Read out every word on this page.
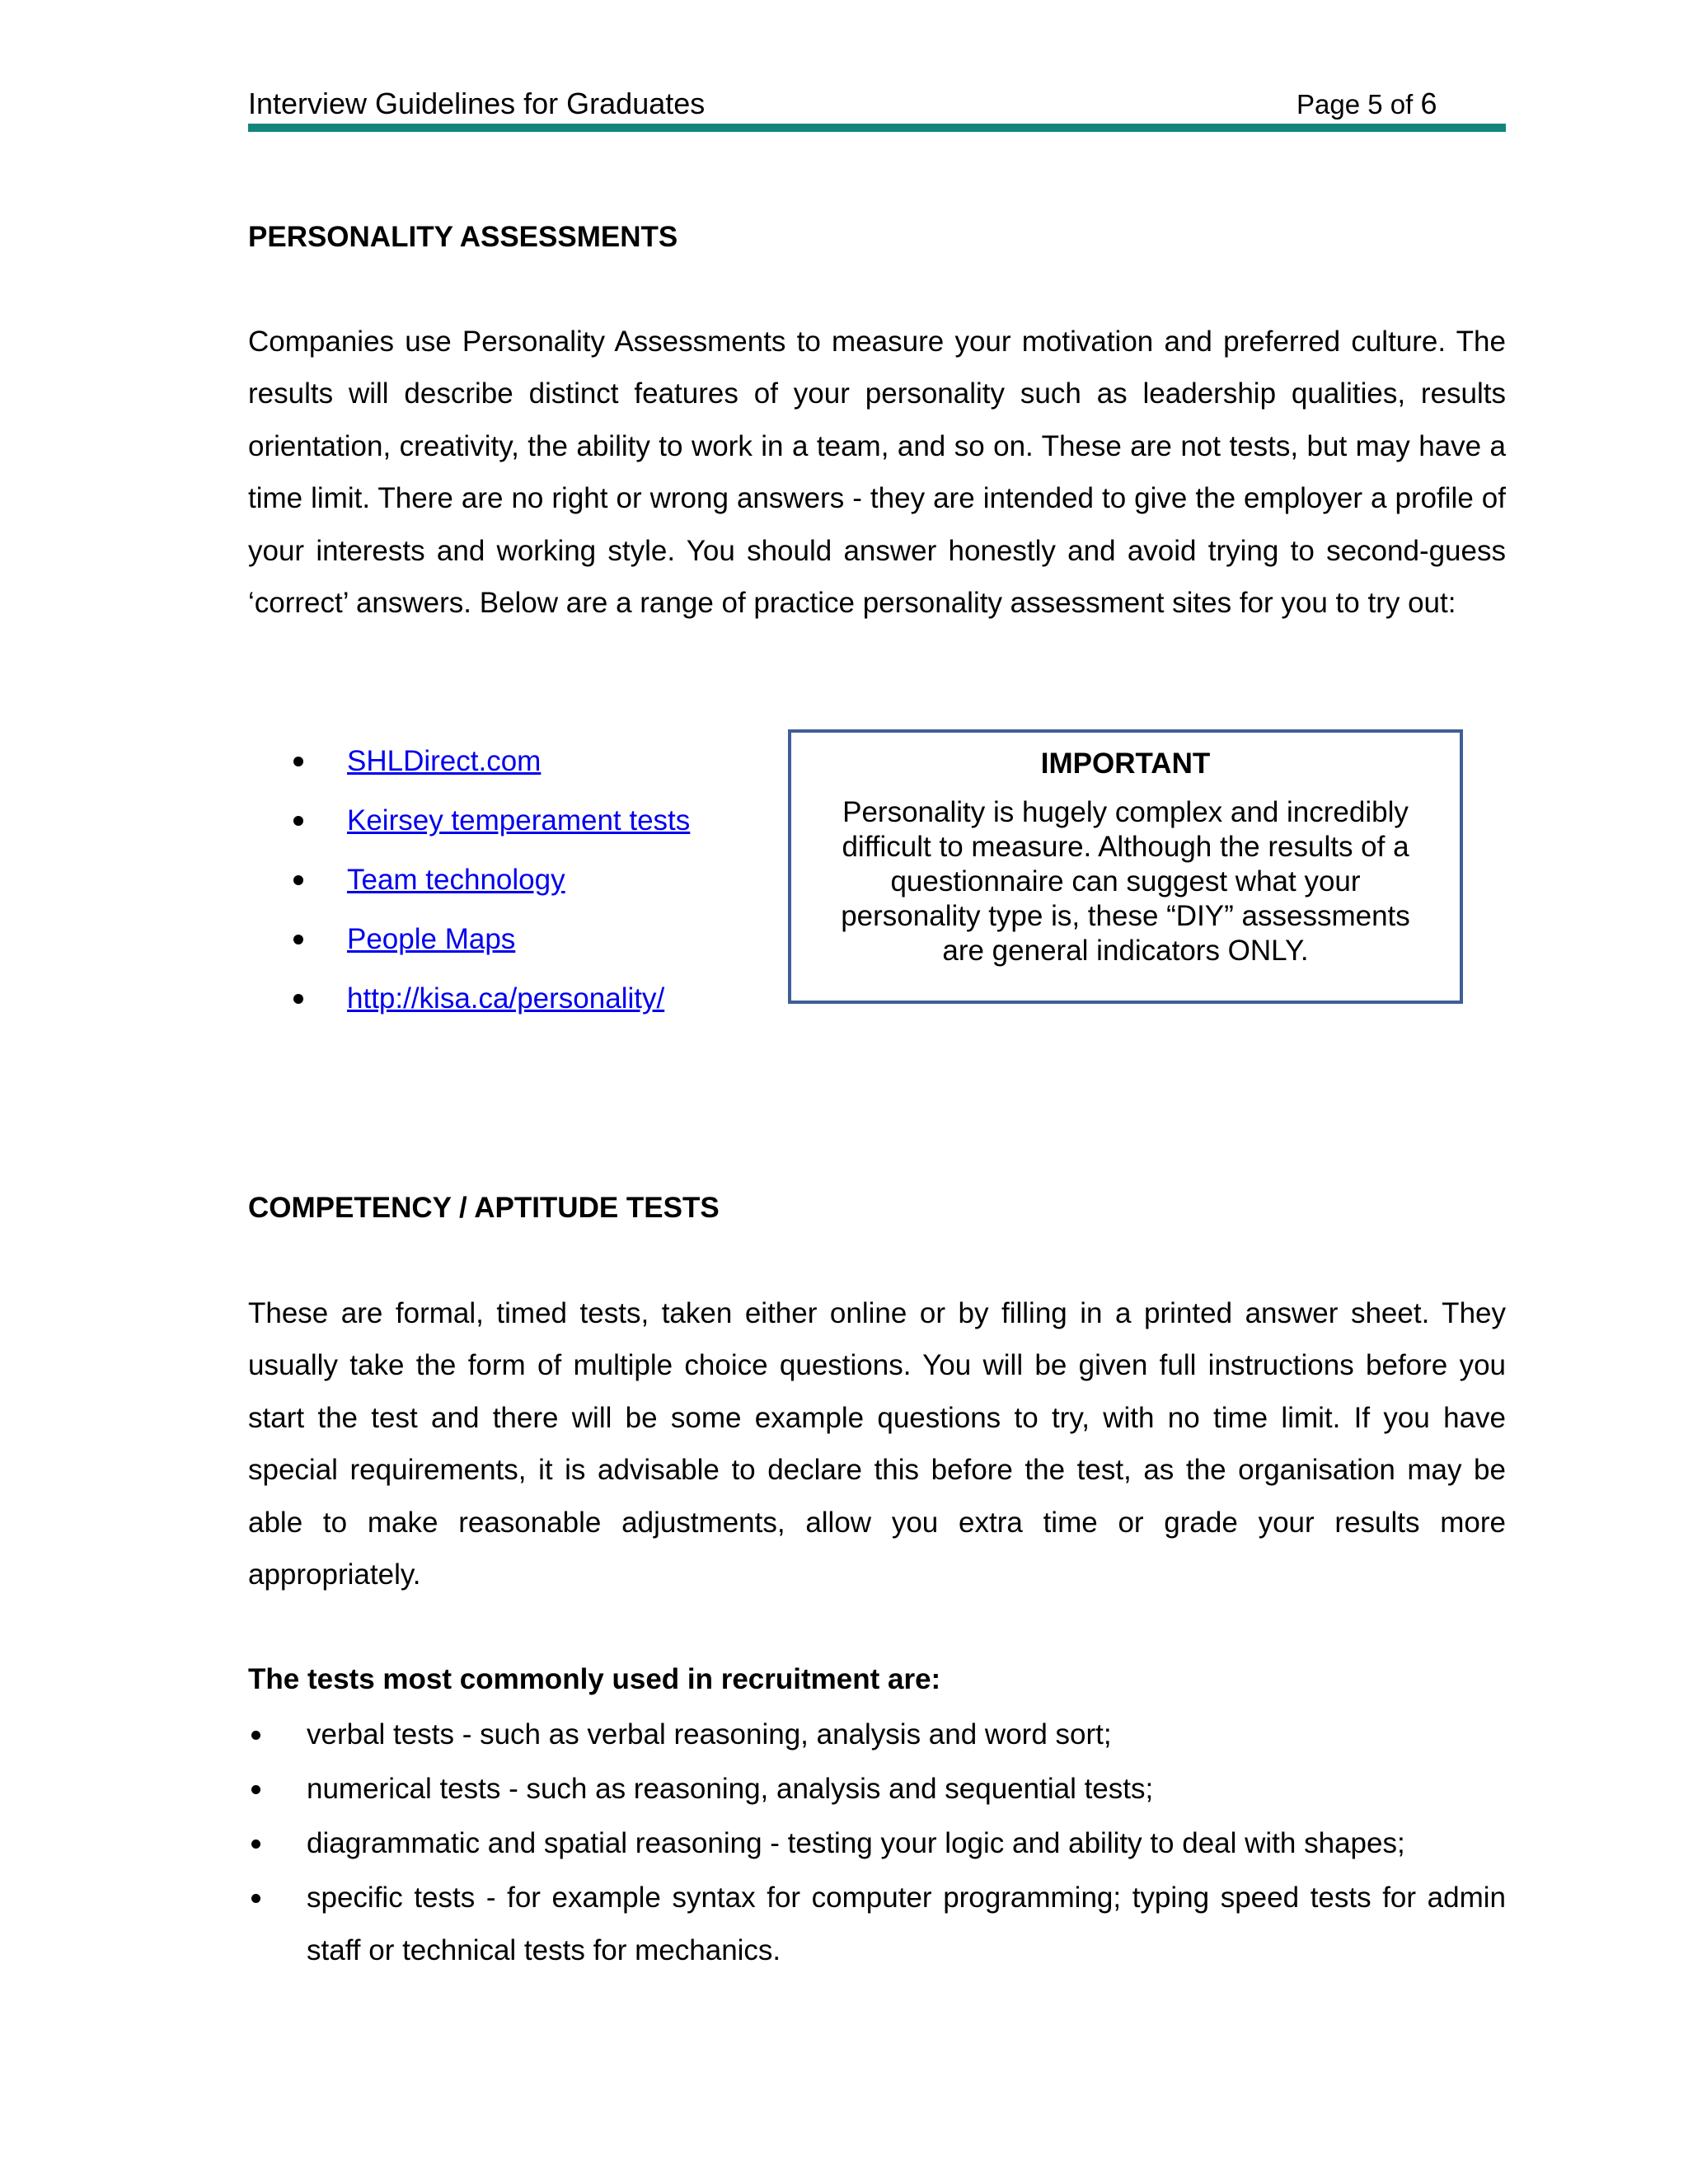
Interview Guidelines for Graduates	Page 5 of 6
PERSONALITY ASSESSMENTS
Companies use Personality Assessments to measure your motivation and preferred culture. The results will describe distinct features of your personality such as leadership qualities, results orientation, creativity, the ability to work in a team, and so on. These are not tests, but may have a time limit. There are no right or wrong answers - they are intended to give the employer a profile of your interests and working style. You should answer honestly and avoid trying to second-guess ‘correct’ answers. Below are a range of practice personality assessment sites for you to try out:
SHLDirect.com
Keirsey temperament tests
Team technology
People Maps
http://kisa.ca/personality/
IMPORTANT
Personality is hugely complex and incredibly difficult to measure. Although the results of a questionnaire can suggest what your personality type is, these “DIY” assessments are general indicators ONLY.
COMPETENCY / APTITUDE TESTS
These are formal, timed tests, taken either online or by filling in a printed answer sheet. They usually take the form of multiple choice questions. You will be given full instructions before you start the test and there will be some example questions to try, with no time limit. If you have special requirements, it is advisable to declare this before the test, as the organisation may be able to make reasonable adjustments, allow you extra time or grade your results more appropriately.
The tests most commonly used in recruitment are:
verbal tests - such as verbal reasoning, analysis and word sort;
numerical tests - such as reasoning, analysis and sequential tests;
diagrammatic and spatial reasoning - testing your logic and ability to deal with shapes;
specific tests - for example syntax for computer programming; typing speed tests for admin staff or technical tests for mechanics.
